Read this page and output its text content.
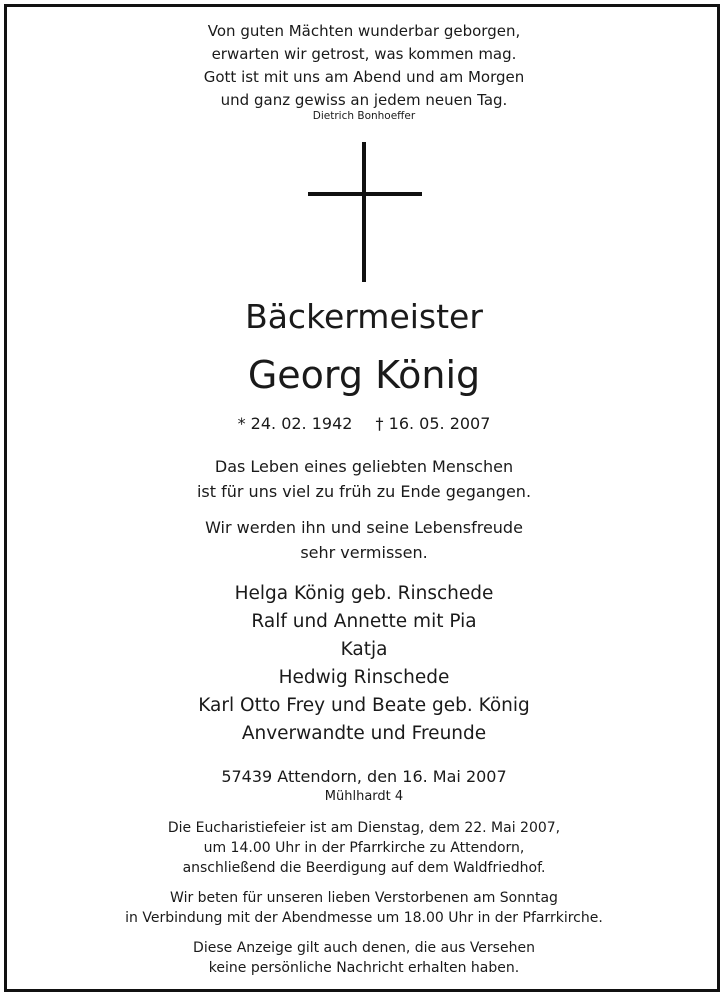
Von guten Mächten wunderbar geborgen,
erwarten wir getrost, was kommen mag.
Gott ist mit uns am Abend und am Morgen
und ganz gewiss an jedem neuen Tag.
Dietrich Bonhoeffer
Bäckermeister
Georg König
* 24. 02. 1942 † 16. 05. 2007
Das Leben eines geliebten Menschen
ist für uns viel zu früh zu Ende gegangen.
Wir werden ihn und seine Lebensfreude
sehr vermissen.
Helga König geb. Rinschede
Ralf und Annette mit Pia
Katja
Hedwig Rinschede
Karl Otto Frey und Beate geb. König
Anverwandte und Freunde
57439 Attendorn, den 16. Mai 2007
Mühlhardt 4
Die Eucharistiefeier ist am Dienstag, dem 22. Mai 2007,
um 14.00 Uhr in der Pfarrkirche zu Attendorn,
anschließend die Beerdigung auf dem Waldfriedhof.
Wir beten für unseren lieben Verstorbenen am Sonntag
in Verbindung mit der Abendmesse um 18.00 Uhr in der Pfarrkirche.
Diese Anzeige gilt auch denen, die aus Versehen
keine persönliche Nachricht erhalten haben.
